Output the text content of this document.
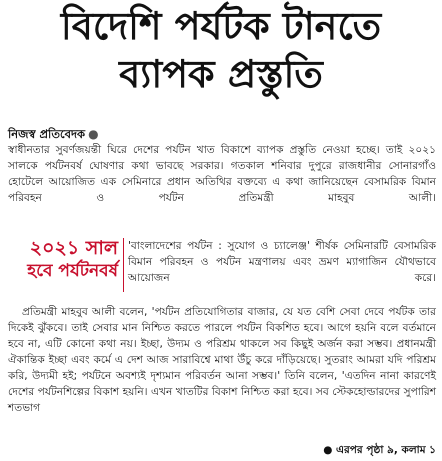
বিদেশি পর্যটক টানতে
ব্যাপক প্রস্তুতি
নিজস্ব প্রতিবেদক ●

স্বাধীনতার সুবর্ণজয়ন্তী ঘিরে দেশের পর্যটন খাত বিকাশে ব্যাপক প্রস্তুতি নেওয়া হচ্ছে। তাই ২০২১ সালকে পর্যটনবর্ষ ঘোষণার কথা ভাবছে সরকার। গতকাল শনিবার দুপুরে রাজধানীর সোনারগাঁও হোটেলে আয়োজিত এক সেমিনারে প্রধান অতিথির বক্তব্যে এ কথা জানিয়েছেন বেসামরিক বিমান পরিবহন ও পর্যটন প্রতিমন্ত্রী মাহবুব আলী।

২০২১ সাল
হবে পর্যটনবর্ষ

'বাংলাদেশের পর্যটন : সুযোগ ও চ্যালেঞ্জ' শীর্ষক সেমিনারটি বেসামরিক বিমান পরিবহন ও পর্যটন মন্ত্রণালয় এবং ভ্রমণ ম্যাগাজিন যৌথভাবে আয়োজন করে।

প্রতিমন্ত্রী মাহবুব আলী বলেন, 'পর্যটন প্রতিযোগিতার বাজার, যে যত বেশি সেবা দেবে পর্যটক তার দিকেই ঝুঁকবে। তাই সেবার মান নিশ্চিত করতে পারলে পর্যটন বিকশিত হবে। আগে হয়নি বলে বর্তমানে হবে না, এটি কোনো কথা নয়। ইচ্ছা, উদ্যম ও পরিশ্রম থাকলে সব কিছুই অর্জন করা সম্ভব। প্রধানমন্ত্রী ঐকান্তিক ইচ্ছা এবং কর্মে এ দেশ আজ সারাবিশ্বে মাথা উঁচু করে দাঁড়িয়েছে। সুতরাং আমরা যদি পরিশ্রম করি, উদ্যমী হই; পর্যটনে অবশ্যই দৃশ্যমান পরিবর্তন আনা সম্ভব।' তিনি বলেন, 'এতদিন নানা কারণেই দেশের পর্যটনশিল্পের বিকাশ হয়নি। এখন খাতটির বিকাশ নিশ্চিত করা হবে। সব স্টেকহোল্ডারদের সুপারিশ শতভাগ

● এরপর পৃষ্ঠা ৯, কলাম ১
